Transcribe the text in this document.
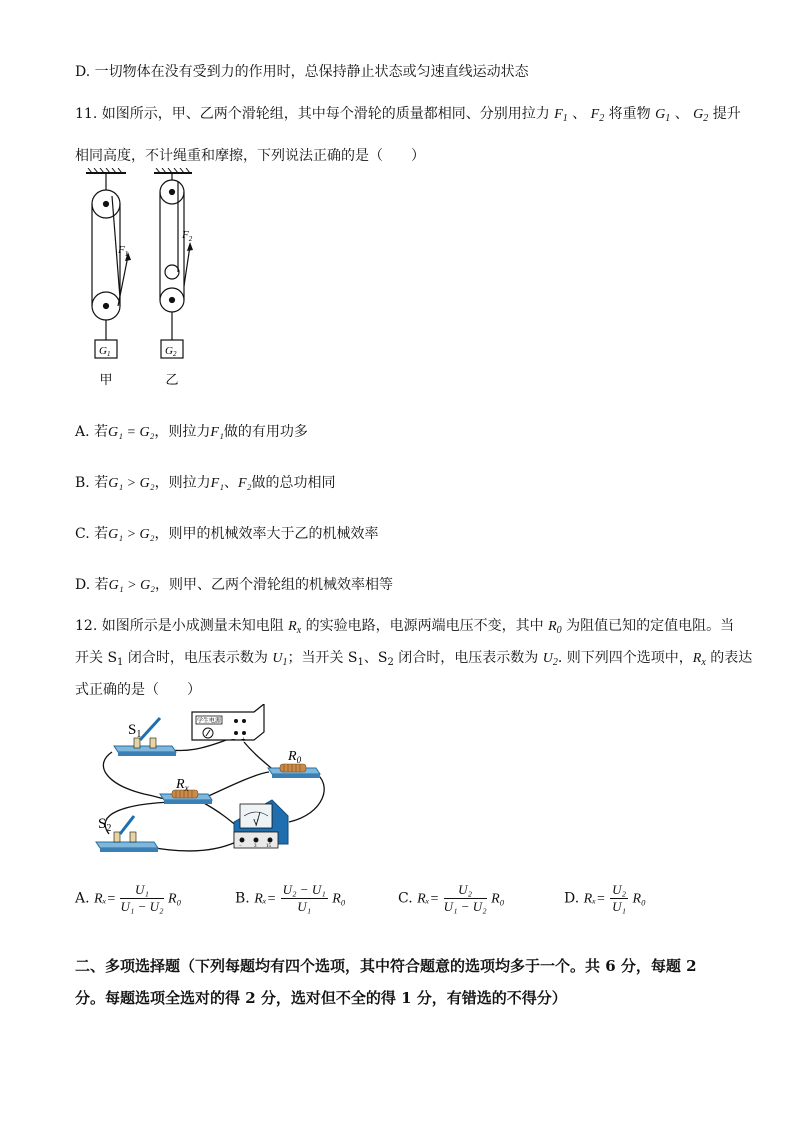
D. 一切物体在没有受到力的作用时，总保持静止状态或匀速直线运动状态
11. 如图所示，甲、乙两个滑轮组，其中每个滑轮的质量都相同、分别用拉力 $F_1$ 、 $F_2$ 将重物 $G_1$ 、 $G_2$ 提升
相同高度，不计绳重和摩擦，下列说法正确的是（　　）
$F_1$
G1
甲
$F_2$
G2
乙
A. 若G₁ = G₂，则拉力F₁做的有用功多
B. 若G₁ > G₂，则拉力F₁、F₂做的总功相同
C. 若G₁ > G₂，则甲的机械效率大于乙的机械效率
D. 若G₁ > G₂，则甲、乙两个滑轮组的机械效率相等
12. 如图所示是小成测量未知电阻 $R_x$ 的实验电路，电源两端电压不变，其中 $R_0$ 为阻值已知的定值电阻。当
开关 $S_1$ 闭合时，电压表示数为 $U_1$；当开关 $S_1$、$S_2$ 闭合时，电压表示数为 $U_2$. 则下列四个选项中，$R_x$ 的表达
式正确的是（　　）
学生电源
− +
$S_1$
$R_x$
$R_0$
$S_2$
V
− 3 15
A. $R_x= \frac{\text{U₁}}{\text{U₁ − U₂}} R_0$	B. $R_x= \frac{\text{U₂ − U₁}}{\text{U₁}} R_0$	C. $R_x= \frac{\text{U₂}}{\text{U₁ − U₂}} R_0$	D. $R_x= \frac{\text{U₂}}{\text{U₁}} R_0$
二、多项选择题（下列每题均有四个选项，其中符合题意的选项均多于一个。共 6 分，每题 2
分。每题选项全选对的得 2 分，选对但不全的得 1 分，有错选的不得分）
